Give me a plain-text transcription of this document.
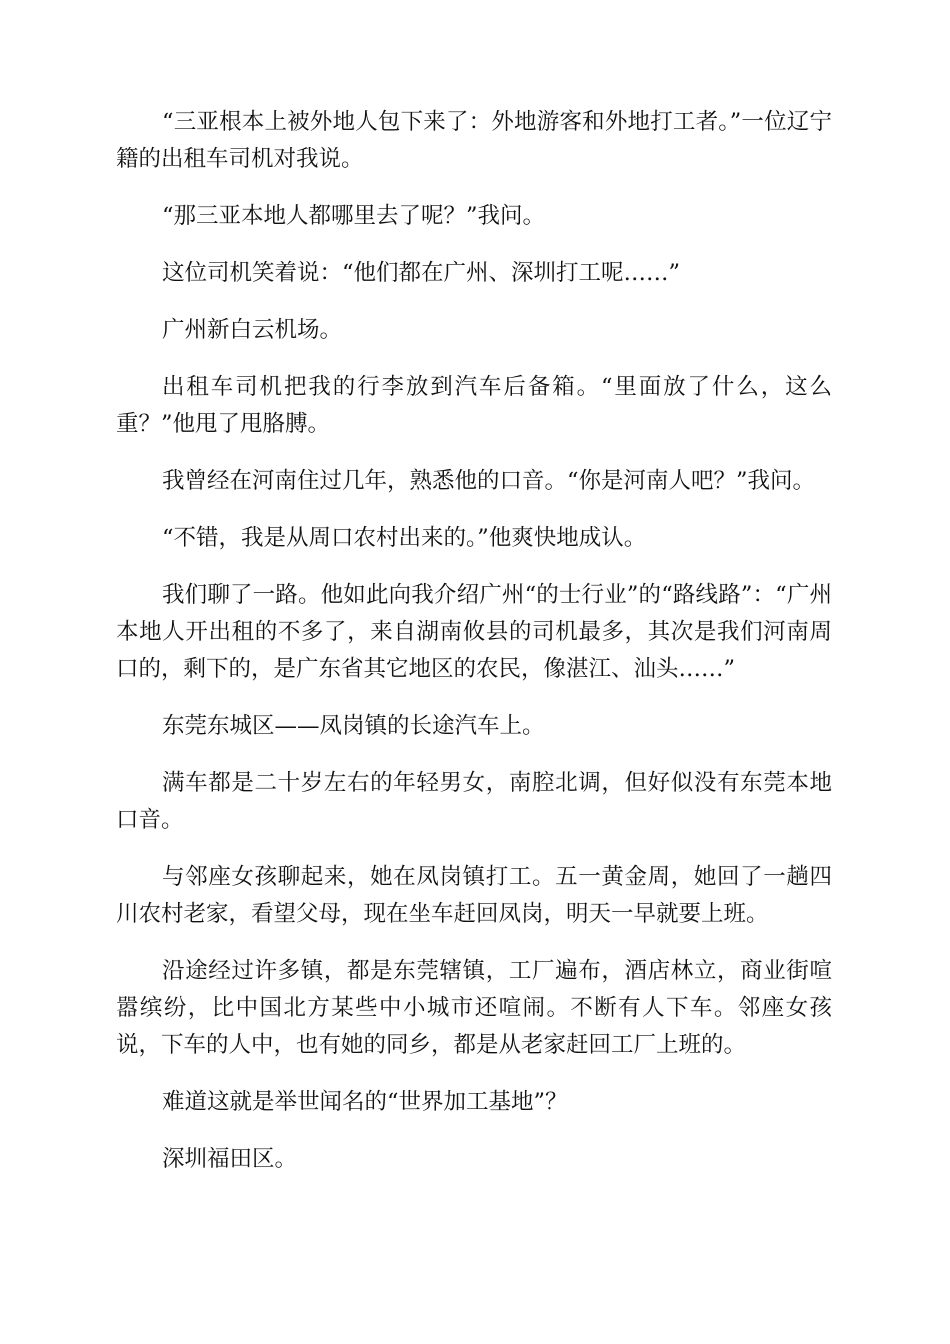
“三亚根本上被外地人包下来了：外地游客和外地打工者。”一位辽宁籍的出租车司机对我说。

“那三亚本地人都哪里去了呢？”我问。

这位司机笑着说：“他们都在广州、深圳打工呢……”

广州新白云机场。

出租车司机把我的行李放到汽车后备箱。“里面放了什么，这么重？”他甩了甩胳膊。

我曾经在河南住过几年，熟悉他的口音。“你是河南人吧？”我问。

“不错，我是从周口农村出来的。”他爽快地成认。

我们聊了一路。他如此向我介绍广州“的士行业”的“路线路”：“广州本地人开出租的不多了，来自湖南攸县的司机最多，其次是我们河南周口的，剩下的，是广东省其它地区的农民，像湛江、汕头……”

东莞东城区——凤岗镇的长途汽车上。

满车都是二十岁左右的年轻男女，南腔北调，但好似没有东莞本地口音。

与邻座女孩聊起来，她在凤岗镇打工。五一黄金周，她回了一趟四川农村老家，看望父母，现在坐车赶回凤岗，明天一早就要上班。

沿途经过许多镇，都是东莞辖镇，工厂遍布，酒店林立，商业街喧嚣缤纷，比中国北方某些中小城市还喧闹。不断有人下车。邻座女孩说，下车的人中，也有她的同乡，都是从老家赶回工厂上班的。

难道这就是举世闻名的“世界加工基地”？

深圳福田区。
